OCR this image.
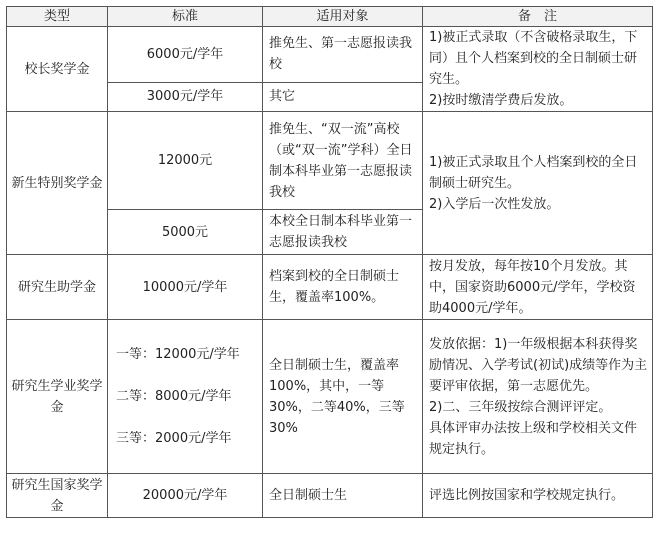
类型	标准	适用对象	备　注
校长奖学金	6000元/学年	推免生、第一志愿报读我校	1)被正式录取（不含破格录取生，下同）且个人档案到校的全日制硕士研究生。
2)按时缴清学费后发放。

	3000元/学年	其它	
新生特别奖学金	12000元	推免生、“双一流”高校（或“双一流”学科）全日制本科毕业第一志愿报读我校	1)被正式录取且个人档案到校的全日制硕士研究生。
2)入学后一次性发放。

	5000元	本校全日制本科毕业第一志愿报读我校	
研究生助学金	10000元/学年	档案到校的全日制硕士生，覆盖率100%。	按月发放，每年按10个月发放。其中，国家资助6000元/学年，学校资助4000元/学年。
研究生学业奖学金	一等：12000元/学年
二等：8000元/学年
三等：2000元/学年	全日制硕士生，覆盖率100%，其中，一等30%，二等40%，三等30%	发放依据：1)一年级根据本科获得奖励情况、入学考试(初试)成绩等作为主要评审依据，第一志愿优先。
2)二、三年级按综合测评评定。
具体评审办法按上级和学校相关文件规定执行。

研究生国家奖学金	20000元/学年	全日制硕士生	评选比例按国家和学校规定执行。
